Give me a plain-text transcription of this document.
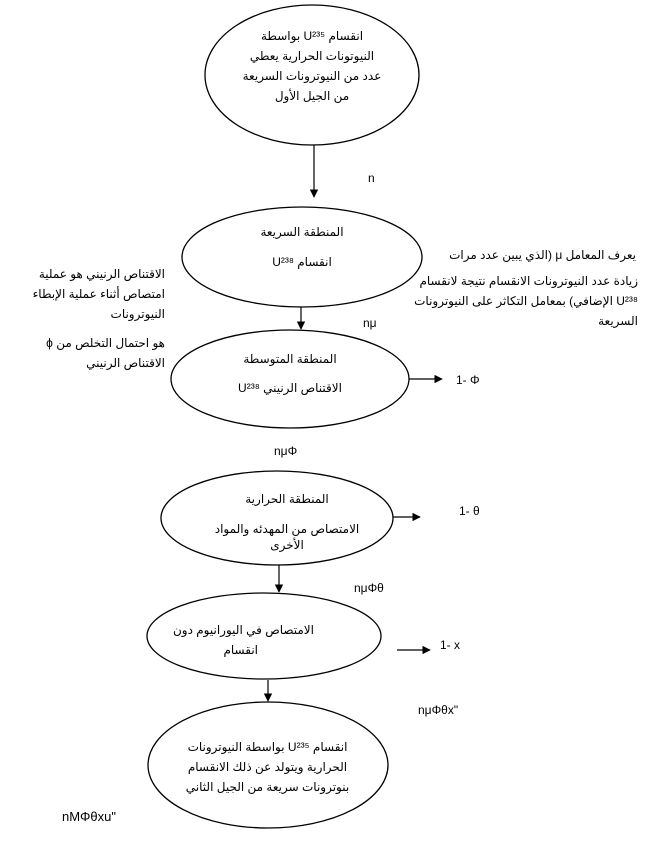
انقسام U²³⁵ بواسطة
النيوتونات الحرارية يعطي
عدد من النيوترونات السريعة
من الجيل الأول
المنطقة السريعة
انقسام U²³⁸
المنطقة المتوسطة
الاقتناص الرنيني U²³⁸
المنطقة الحرارية
الامتصاص من المهدئه والمواد
الأخرى
الامتصاص في اليورانيوم دون
انقسام
انقسام U²³⁵ بواسطة النيوترونات
الحرارية ويتولد عن ذلك الانقسام
بنوترونات سريعة من الجيل الثاني
n
nμ
nμΦ
nμΦθ
nμΦθx"
nMΦθxu"
1- Φ
1- θ
1- x
الاقتناص الرنيني هو عملية امتصاص أثناء عملية الإبطاء النيوترونات
ϕ هو احتمال التخلص من الاقتناص الرنيني
يعرف المعامل μ (الذي يبين عدد مرات
زيادة عدد النيوترونات الانقسام نتيجة لانقسام U²³⁸ الإضافي) بمعامل التكاثر على النيوترونات السريعة
